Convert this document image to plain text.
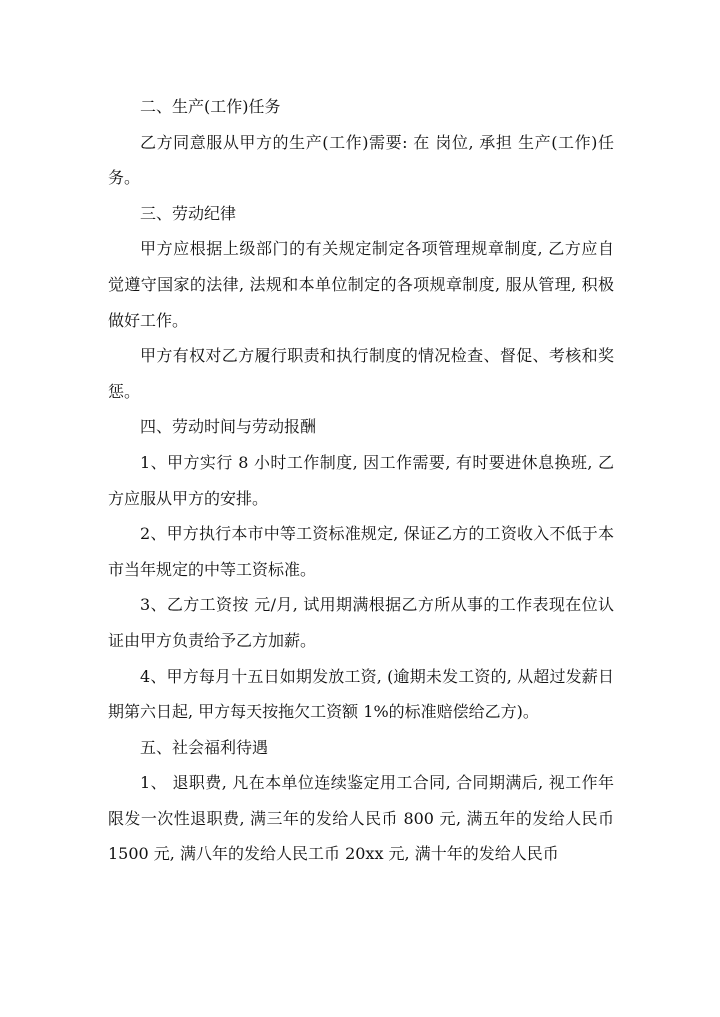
二、生产(工作)任务

乙方同意服从甲方的生产(工作)需要: 在 岗位, 承担 生产(工作)任务。

三、劳动纪律

甲方应根据上级部门的有关规定制定各项管理规章制度, 乙方应自觉遵守国家的法律, 法规和本单位制定的各项规章制度, 服从管理, 积极做好工作。

甲方有权对乙方履行职责和执行制度的情况检查、督促、考核和奖惩。

四、劳动时间与劳动报酬

1、甲方实行 8 小时工作制度, 因工作需要, 有时要进休息换班, 乙方应服从甲方的安排。

2、甲方执行本市中等工资标准规定, 保证乙方的工资收入不低于本市当年规定的中等工资标准。

3、乙方工资按 元/月, 试用期满根据乙方所从事的工作表现在位认证由甲方负责给予乙方加薪。

4、甲方每月十五日如期发放工资, (逾期未发工资的, 从超过发薪日期第六日起, 甲方每天按拖欠工资额 1%的标准赔偿给乙方)。

五、社会福利待遇

1、 退职费, 凡在本单位连续鉴定用工合同, 合同期满后, 视工作年限发一次性退职费, 满三年的发给人民币 800 元, 满五年的发给人民币 1500 元, 满八年的发给人民工币 20xx 元, 满十年的发给人民币
